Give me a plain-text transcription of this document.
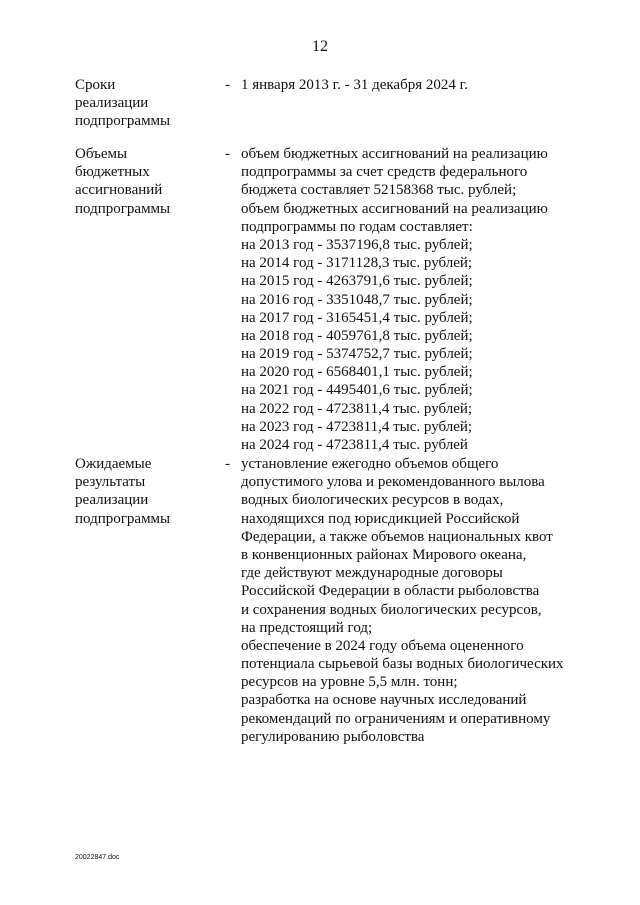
12
Сроки
реализации
подпрограммы
- 1 января 2013 г. - 31 декабря 2024 г.
Объемы
бюджетных
ассигнований
подпрограммы
- объем бюджетных ассигнований на реализацию
подпрограммы за счет средств федерального
бюджета составляет 52158368 тыс. рублей;
объем бюджетных ассигнований на реализацию
подпрограммы по годам составляет:
на 2013 год - 3537196,8 тыс. рублей;
на 2014 год - 3171128,3 тыс. рублей;
на 2015 год - 4263791,6 тыс. рублей;
на 2016 год - 3351048,7 тыс. рублей;
на 2017 год - 3165451,4 тыс. рублей;
на 2018 год - 4059761,8 тыс. рублей;
на 2019 год - 5374752,7 тыс. рублей;
на 2020 год - 6568401,1 тыс. рублей;
на 2021 год - 4495401,6 тыс. рублей;
на 2022 год - 4723811,4 тыс. рублей;
на 2023 год - 4723811,4 тыс. рублей;
на 2024 год - 4723811,4 тыс. рублей
Ожидаемые
результаты
реализации
подпрограммы
- установление ежегодно объемов общего
допустимого улова и рекомендованного вылова
водных биологических ресурсов в водах,
находящихся под юрисдикцией Российской
Федерации, а также объемов национальных квот
в конвенционных районах Мирового океана,
где действуют международные договоры
Российской Федерации в области рыболовства
и сохранения водных биологических ресурсов,
на предстоящий год;
обеспечение в 2024 году объема оцененного
потенциала сырьевой базы водных биологических
ресурсов на уровне 5,5 млн. тонн;
разработка на основе научных исследований
рекомендаций по ограничениям и оперативному
регулированию рыболовства
20022847.doc
